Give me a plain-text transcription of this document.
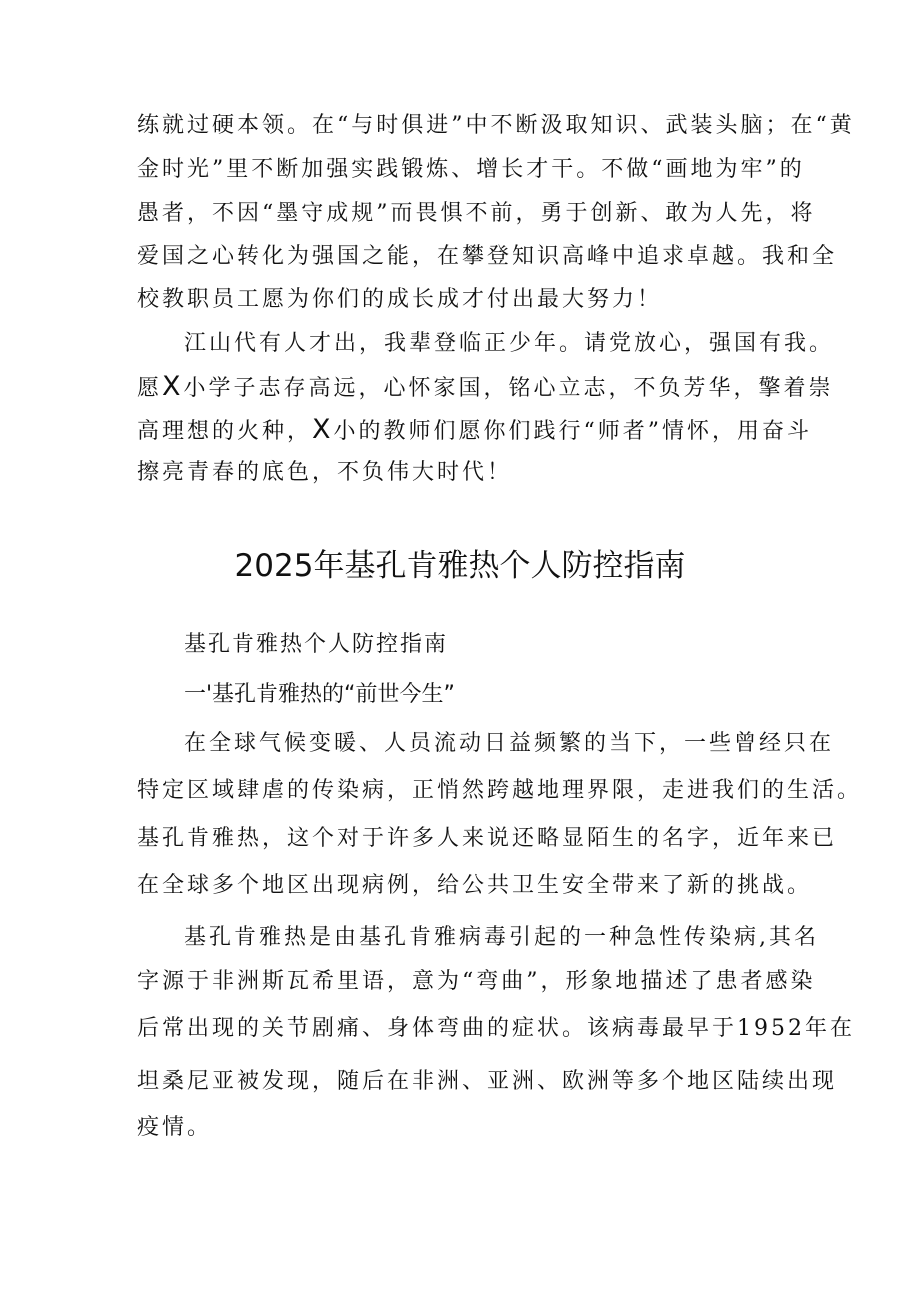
练就过硬本领。在“与时俱进”中不断汲取知识、武装头脑；在“黄

金时光”里不断加强实践锻炼、增长才干。不做“画地为牢”的

愚者，不因“墨守成规”而畏惧不前，勇于创新、敢为人先，将

爱国之心转化为强国之能，在攀登知识高峰中追求卓越。我和全

校教职员工愿为你们的成长成才付出最大努力！

江山代有人才出，我辈登临正少年。请党放心，强国有我。

愿X小学子志存高远，心怀家国，铭心立志，不负芳华，擎着崇

高理想的火种，X小的教师们愿你们践行“师者”情怀，用奋斗

擦亮青春的底色，不负伟大时代！

2025年基孔肯雅热个人防控指南

基孔肯雅热个人防控指南

一'基孔肯雅热的“前世今生”

在全球气候变暖、人员流动日益频繁的当下，一些曾经只在

特定区域肆虐的传染病，正悄然跨越地理界限，走进我们的生活。

基孔肯雅热，这个对于许多人来说还略显陌生的名字，近年来已

在全球多个地区出现病例，给公共卫生安全带来了新的挑战。

基孔肯雅热是由基孔肯雅病毒引起的一种急性传染病,其名

字源于非洲斯瓦希里语，意为“弯曲”，形象地描述了患者感染

后常出现的关节剧痛、身体弯曲的症状。该病毒最早于1952年在

坦桑尼亚被发现，随后在非洲、亚洲、欧洲等多个地区陆续出现

疫情。
